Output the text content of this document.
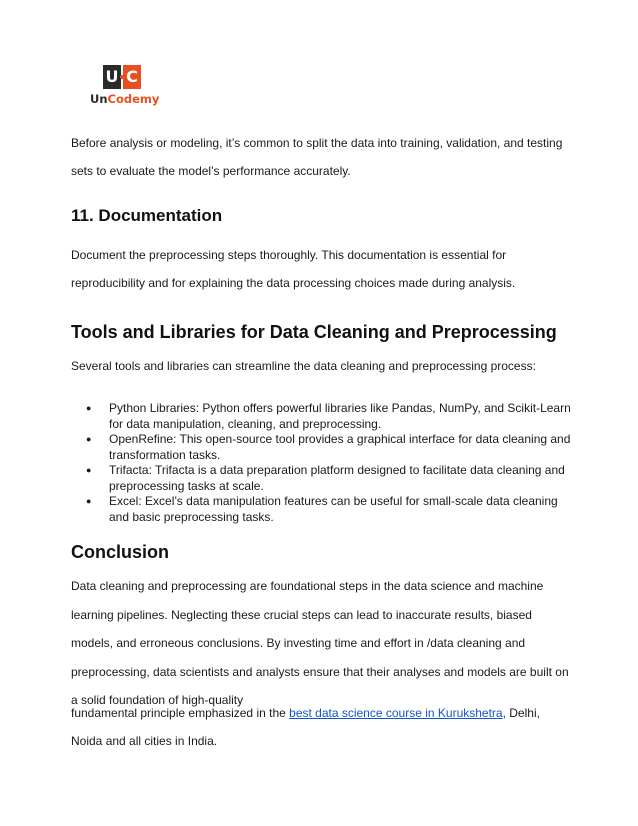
U C
UnCodemy

Before analysis or modeling, it’s common to split the data into training, validation, and testing sets to evaluate the model’s performance accurately.

11. Documentation

Document the preprocessing steps thoroughly. This documentation is essential for reproducibility and for explaining the data processing choices made during analysis.

Tools and Libraries for Data Cleaning and Preprocessing

Several tools and libraries can streamline the data cleaning and preprocessing process:

● Python Libraries: Python offers powerful libraries like Pandas, NumPy, and Scikit-Learn for data manipulation, cleaning, and preprocessing.
● OpenRefine: This open-source tool provides a graphical interface for data cleaning and transformation tasks.
● Trifacta: Trifacta is a data preparation platform designed to facilitate data cleaning and preprocessing tasks at scale.
● Excel: Excel’s data manipulation features can be useful for small-scale data cleaning and basic preprocessing tasks.
Conclusion

Data cleaning and preprocessing are foundational steps in the data science and machine learning pipelines. Neglecting these crucial steps can lead to inaccurate results, biased models, and erroneous conclusions. By investing time and effort in /data cleaning and preprocessing, data scientists and analysts ensure that their analyses and models are built on a solid foundation of high-quality

fundamental principle emphasized in the best data science course in Kurukshetra, Delhi, Noida and all cities in India.
